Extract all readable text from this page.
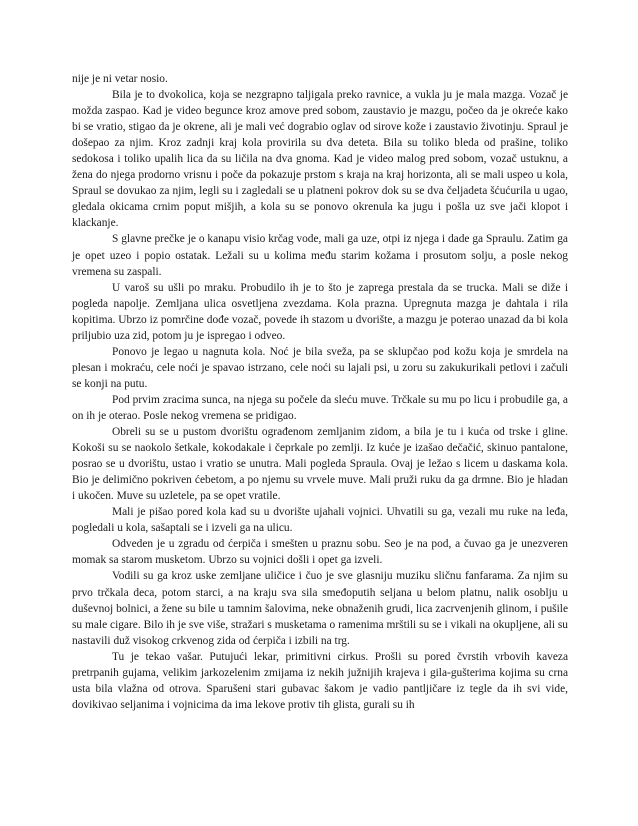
nije je ni vetar nosio.

Bila je to dvokolica, koja se nezgrapno taljigala preko ravnice, a vukla ju je mala mazga. Vozač je možda zaspao. Kad je video begunce kroz amove pred sobom, zaustavio je mazgu, počeo da je okreće kako bi se vratio, stigao da je okrene, ali je mali već dograbio oglav od sirove kože i zaustavio životinju. Spraul je došepao za njim. Kroz zadnji kraj kola provirila su dva deteta. Bila su toliko bleda od prašine, toliko sedokosa i toliko upalih lica da su ličila na dva gnoma. Kad je video malog pred sobom, vozač ustuknu, a žena do njega prodorno vrisnu i poče da pokazuje prstom s kraja na kraj horizonta, ali se mali uspeo u kola, Spraul se dovukao za njim, legli su i zagledali se u platneni pokrov dok su se dva čeljadeta šćućurila u ugao, gledala okicama crnim poput mišjih, a kola su se ponovo okrenula ka jugu i pošla uz sve jači klopot i klackanje.

S glavne prečke je o kanapu visio krčag vode, mali ga uze, otpi iz njega i dade ga Spraulu. Zatim ga je opet uzeo i popio ostatak. Ležali su u kolima među starim kožama i prosutom solju, a posle nekog vremena su zaspali.

U varoš su ušli po mraku. Probudilo ih je to što je zaprega prestala da se trucka. Mali se diže i pogleda napolje. Zemljana ulica osvetljena zvezdama. Kola prazna. Upregnuta mazga je dahtala i rila kopitima. Ubrzo iz pomrčine dođe vozač, povede ih stazom u dvorište, a mazgu je poterao unazad da bi kola priljubio uza zid, potom ju je ispregao i odveo.

Ponovo je legao u nagnuta kola. Noć je bila sveža, pa se sklupčao pod kožu koja je smrdela na plesan i mokraću, cele noći je spavao istrzano, cele noći su lajali psi, u zoru su zakukurikali petlovi i začuli se konji na putu.

Pod prvim zracima sunca, na njega su počele da sleću muve. Trčkale su mu po licu i probudile ga, a on ih je oterao. Posle nekog vremena se pridigao.

Obreli su se u pustom dvorištu ograđenom zemljanim zidom, a bila je tu i kuća od trske i gline. Kokoši su se naokolo šetkale, kokodakale i čeprkale po zemlji. Iz kuće je izašao dečačić, skinuo pantalone, posrao se u dvorištu, ustao i vratio se unutra. Mali pogleda Spraula. Ovaj je ležao s licem u daskama kola. Bio je delimično pokriven ćebetom, a po njemu su vrvele muve. Mali pruži ruku da ga drmne. Bio je hladan i ukočen. Muve su uzletele, pa se opet vratile.

Mali je pišao pored kola kad su u dvorište ujahali vojnici. Uhvatili su ga, vezali mu ruke na leđa, pogledali u kola, sašaptali se i izveli ga na ulicu.

Odveden je u zgradu od ćerpiča i smešten u praznu sobu. Seo je na pod, a čuvao ga je unezveren momak sa starom musketom. Ubrzo su vojnici došli i opet ga izveli.

Vodili su ga kroz uske zemljane uličice i čuo je sve glasniju muziku sličnu fanfarama. Za njim su prvo trčkala deca, potom starci, a na kraju sva sila smeđoputih seljana u belom platnu, nalik osoblju u duševnoj bolnici, a žene su bile u tamnim šalovima, neke obnaženih grudi, lica zacrvenjenih glinom, i pušile su male cigare. Bilo ih je sve više, stražari s musketama o ramenima mrštili su se i vikali na okupljene, ali su nastavili duž visokog crkvenog zida od ćerpiča i izbili na trg.

Tu je tekao vašar. Putujući lekar, primitivni cirkus. Prošli su pored čvrstih vrbovih kaveza pretrpanih gujama, velikim jarkozelenim zmijama iz nekih južnijih krajeva i gila-gušterima kojima su crna usta bila vlažna od otrova. Sparušeni stari gubavac šakom je vadio pantljičare iz tegle da ih svi vide, dovikivao seljanima i vojnicima da ima lekove protiv tih glista, gurali su ih
